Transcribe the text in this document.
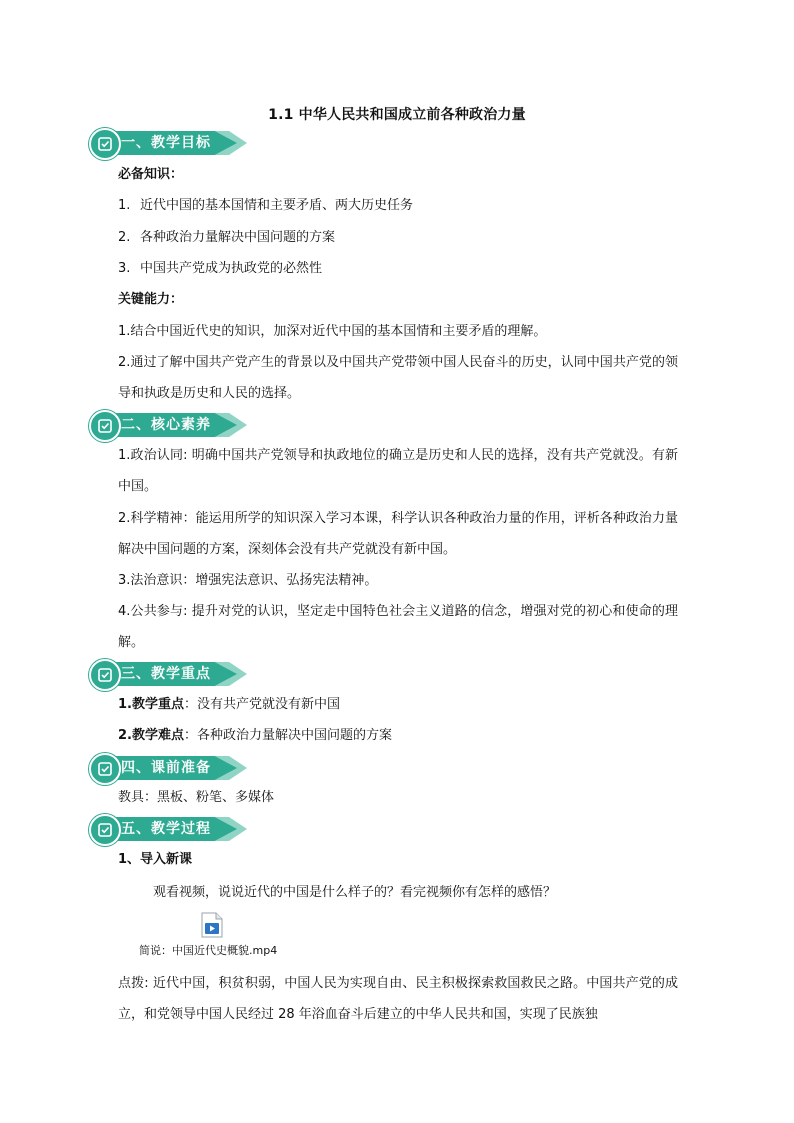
1.1 中华人民共和国成立前各种政治力量
一、教学目标
必备知识：
1. 近代中国的基本国情和主要矛盾、两大历史任务
2. 各种政治力量解决中国问题的方案
3. 中国共产党成为执政党的必然性
关键能力：
1.结合中国近代史的知识，加深对近代中国的基本国情和主要矛盾的理解。
2.通过了解中国共产党产生的背景以及中国共产党带领中国人民奋斗的历史，认同中国共产党的领导和执政是历史和人民的选择。
二、核心素养
1.政治认同: 明确中国共产党领导和执政地位的确立是历史和人民的选择，没有共产党就没。有新中国。
2.科学精神：能运用所学的知识深入学习本课，科学认识各种政治力量的作用，评析各种政治力量解决中国问题的方案，深刻体会没有共产党就没有新中国。
3.法治意识：增强宪法意识、弘扬宪法精神。
4.公共参与: 提升对党的认识，坚定走中国特色社会主义道路的信念，增强对党的初心和使命的理解。
三、教学重点
1.教学重点：没有共产党就没有新中国
2.教学难点：各种政治力量解决中国问题的方案
四、课前准备
教具：黑板、粉笔、多媒体
五、教学过程
1、导入新课
观看视频，说说近代的中国是什么样子的？看完视频你有怎样的感悟？
简说：中国近代史概貌.mp4
点拨: 近代中国，积贫积弱，中国人民为实现自由、民主积极探索救国救民之路。中国共产党的成立，和党领导中国人民经过 28 年浴血奋斗后建立的中华人民共和国，实现了民族独
